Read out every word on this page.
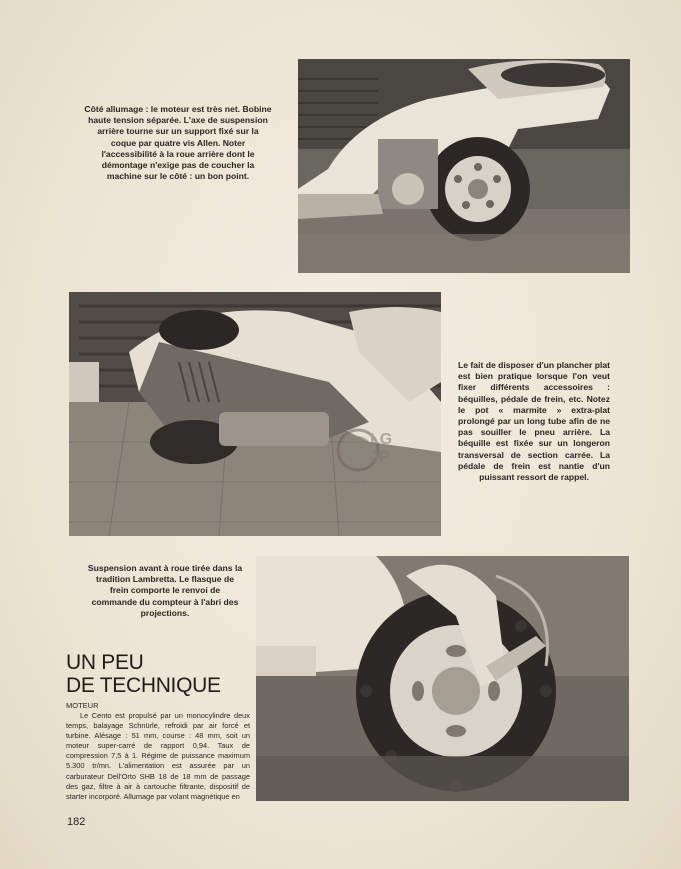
Côté allumage : le moteur est très net. Bobine haute tension séparée. L'axe de suspension arrière tourne sur un support fixé sur la coque par quatre vis Allen. Noter l'accessibilité à la roue arrière dont le démontage n'exige pas de coucher la machine sur le côté : un bon point.
Le fait de disposer d'un plancher plat est bien pratique lorsque l'on veut fixer différents accessoires : béquilles, pédale de frein, etc. Notez le pot « marmite » extra-plat prolongé par un long tube afin de ne pas souiller le pneu arrière. La béquille est fixée sur un longeron transversal de section carrée. La pédale de frein est nantie d'un puissant ressort de rappel.
LG
JP
HD
Suspension avant à roue tirée dans la tradition Lambretta. Le flasque de frein comporte le renvoi de commande du compteur à l'abri des projections.
UN PEU
DE TECHNIQUE
MOTEUR
Le Cento est propulsé par un monocylindre deux temps, balayage Schnürle, refroidi par air forcé et turbine. Alésage : 51 mm, course : 48 mm, soit un moteur super-carré de rapport 0,94. Taux de compression 7,5 à 1. Régime de puissance maximum 5.300 tr/mn. L'alimentation est assurée par un carburateur Dell'Orto SHB 18 de 18 mm de passage des gaz, filtre à air à cartouche filtrante, dispositif de starter incorporé. Allumage par volant magnétique en
182
